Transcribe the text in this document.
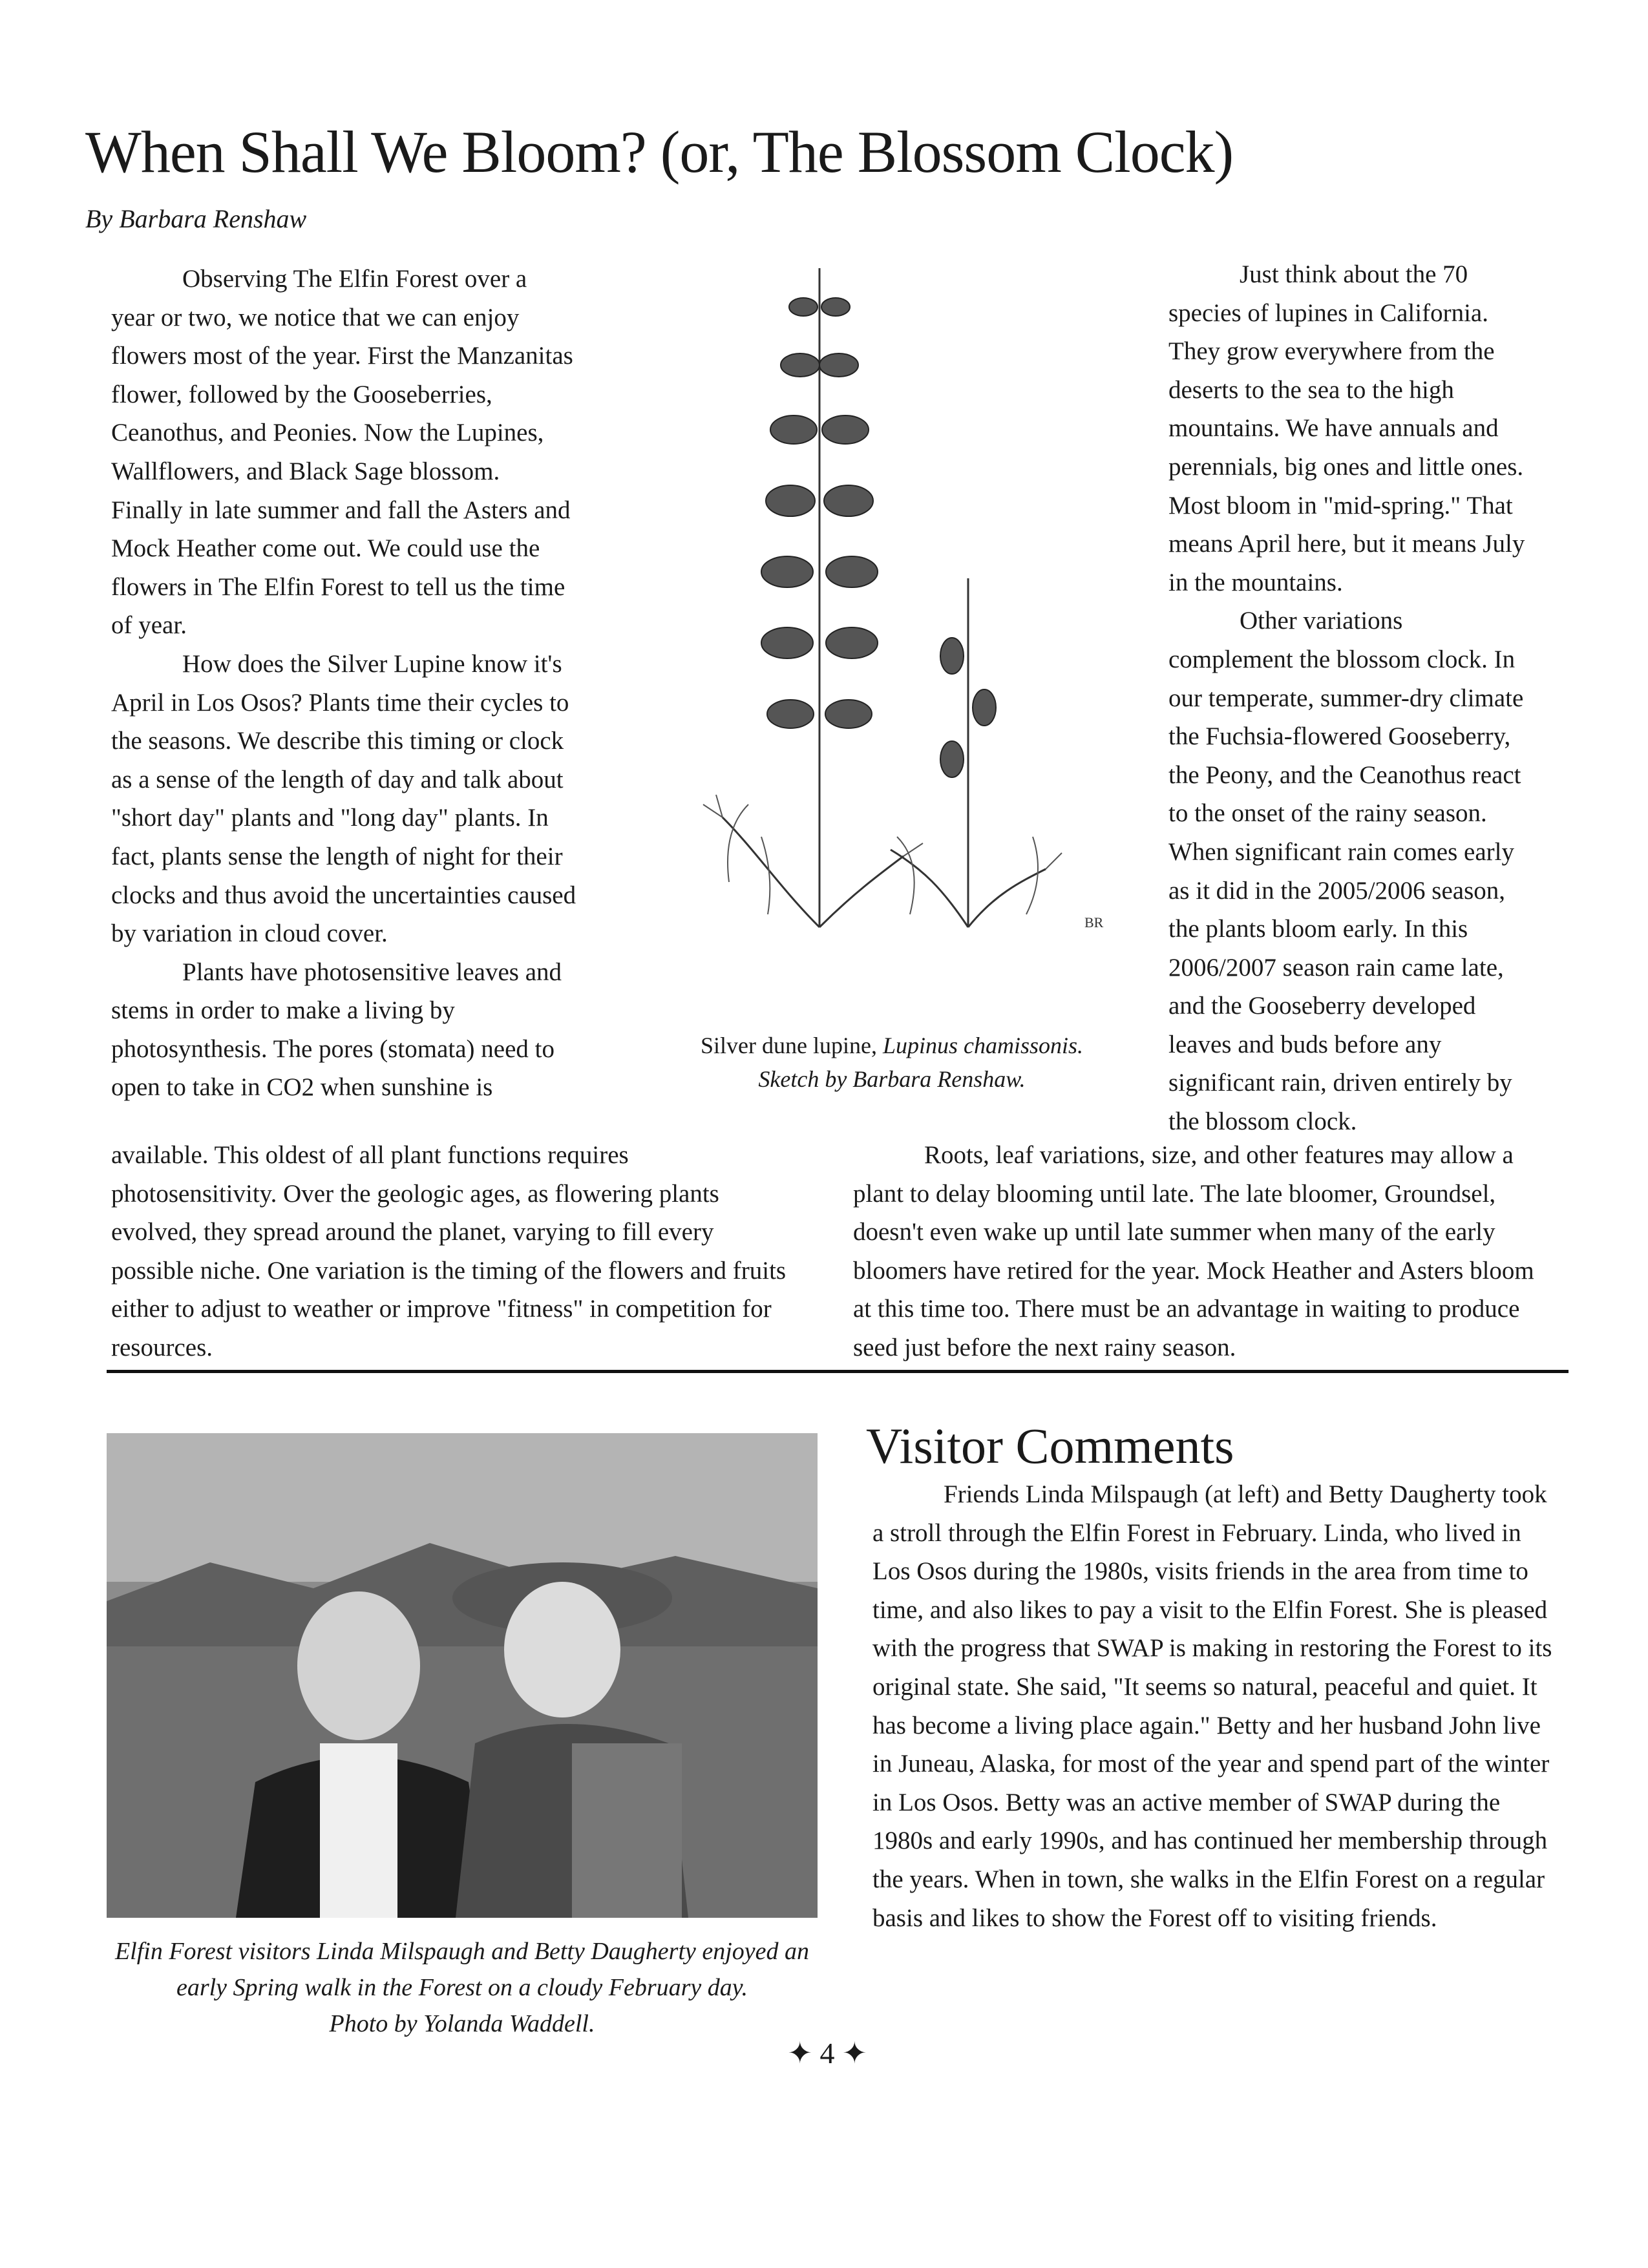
When Shall We Bloom? (or, The Blossom Clock)
By Barbara Renshaw

Observing The Elfin Forest over a year or two, we notice that we can enjoy flowers most of the year. First the Manzanitas flower, followed by the Gooseberries, Ceanothus, and Peonies. Now the Lupines, Wallflowers, and Black Sage blossom. Finally in late summer and fall the Asters and Mock Heather come out. We could use the flowers in The Elfin Forest to tell us the time of year.

How does the Silver Lupine know it's April in Los Osos? Plants time their cycles to the seasons. We describe this timing or clock as a sense of the length of day and talk about "short day" plants and "long day" plants. In fact, plants sense the length of night for their clocks and thus avoid the uncertainties caused by variation in cloud cover.

Plants have photosensitive leaves and stems in order to make a living by photosynthesis. The pores (stomata) need to open to take in CO2 when sunshine is

BR
Silver dune lupine, Lupinus chamissonis.
Sketch by Barbara Renshaw.

Just think about the 70 species of lupines in California. They grow everywhere from the deserts to the sea to the high mountains. We have annuals and perennials, big ones and little ones. Most bloom in "mid-spring." That means April here, but it means July in the mountains.

Other variations complement the blossom clock. In our temperate, summer-dry climate the Fuchsia-flowered Gooseberry, the Peony, and the Ceanothus react to the onset of the rainy season. When significant rain comes early as it did in the 2005/2006 season, the plants bloom early. In this 2006/2007 season rain came late, and the Gooseberry developed leaves and buds before any significant rain, driven entirely by the blossom clock.

available. This oldest of all plant functions requires photosensitivity. Over the geologic ages, as flowering plants evolved, they spread around the planet, varying to fill every possible niche. One variation is the timing of the flowers and fruits either to adjust to weather or improve "fitness" in competition for resources.

Roots, leaf variations, size, and other features may allow a plant to delay blooming until late. The late bloomer, Groundsel, doesn't even wake up until late summer when many of the early bloomers have retired for the year. Mock Heather and Asters bloom at this time too. There must be an advantage in waiting to produce seed just before the next rainy season.

Elfin Forest visitors Linda Milspaugh and Betty Daugherty enjoyed an early Spring walk in the Forest on a cloudy February day.
Photo by Yolanda Waddell.
Visitor Comments

Friends Linda Milspaugh (at left) and Betty Daugherty took a stroll through the Elfin Forest in February. Linda, who lived in Los Osos during the 1980s, visits friends in the area from time to time, and also likes to pay a visit to the Elfin Forest. She is pleased with the progress that SWAP is making in restoring the Forest to its original state. She said, "It seems so natural, peaceful and quiet. It has become a living place again." Betty and her husband John live in Juneau, Alaska, for most of the year and spend part of the winter in Los Osos. Betty was an active member of SWAP during the 1980s and early 1990s, and has continued her membership through the years. When in town, she walks in the Elfin Forest on a regular basis and likes to show the Forest off to visiting friends.

✦ 4 ✦
